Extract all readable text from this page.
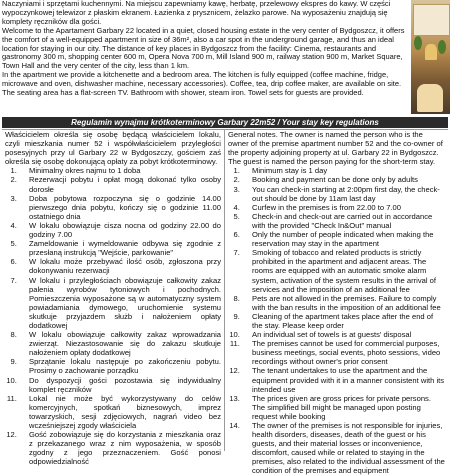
Naczyniami i sprzętami kuchennymi. Na miejscu zapewniamy kawę, herbatę, przelewowy ekspres do kawy. W części

wypoczynkowej telewizor z płaskim ekranem. Łazienka z prysznicem, żelazko parowe. Na wyposażeniu znajdują się

komplety ręczników dla gości.

Welcome to the Apartament Garbary 22 located in a quiet, closed housing estate in the very center of Bydgoszcz, it offers the comfort of a well-equipped apartment in size of 36m², also a car spot in the underground garage, and thus an ideal location for staying in our city. The distance of key places in Bydgoszcz from the facility: Cinema, restaurants and gastronomy 300 m, shopping center 600 m, Opera Nova 700 m, Mill Island 900 m, railway station 900 m, Market Square, Town Hall and the very center of the city, less than 1 km.

In the apartment we provide a kitchenette and a bedroom area. The kitchen is fully equipped (coffee machine, fridge, microwave and oven, dishwasher machine, necessary accessories). Coffee, tea, drip coffee maker, are available on site. The seating area has a flat-screen TV. Bathroom with shower, steam iron. Towel sets for guests are provided.

Regulamin wynajmu krótkoterminowy Garbary 22m52 / Your stay key regulations

Właścicielem określa się osobę będącą właścicielem lokalu, czyli mieszkania numer 52 i współwłaścicielem przyległości posesyjnych przy ul Garbary 22 w Bydgoszczy, gościem zaś określa się osobę dokonującą opłaty za pobyt krótkoterminowy.

1. Minimalny okres najmu to 1 doba
2. Rezerwacji pobytu i opłat mogą dokonać tylko osoby dorosłe
3. Doba pobytowa rozpoczyna się o godzinie 14.00 pierwszego dnia pobytu, kończy się o godzinie 11.00 ostatniego dnia
4. W lokalu obowiązuje cisza nocna od godziny 22.00 do godziny 7.00
5. Zameldowanie i wymeldowanie odbywa się zgodnie z przesłaną instrukcją "Wejście, parkowanie"
6. W lokalu może przebywać ilość osób, zgłoszona przy dokonywaniu rezerwacji
7. W lokalu i przyległościach obowiązuje całkowity zakaz palenia wyrobów tytoniowych i pochodnych. Pomieszczenia wyposażone są w automatyczny system powiadamiania dymowego, uruchomienie systemu skutkuje przyjazdem służb i nałożeniem opłaty dodatkowej
8. W lokalu obowiązuje całkowity zakaz wprowadzania zwierząt. Niezastosowanie się do zakazu skutkuje nałożeniem opłaty dodatkowej
9. Sprzątanie lokalu następuje po zakończeniu pobytu. Prosimy o zachowanie porządku
10. Do dyspozycji gości pozostawia się indywidualny komplet ręczników
11. Lokal nie może być wykorzystywany do celów komercyjnych, spotkań biznesowych, imprez towarzyskich, sesji zdjęciowych, nagrań video bez wcześniejszej zgody właściciela
12. Gość zobowiązuje się do korzystania z mieszkania oraz z przekazanego wraz z nim wyposażenia, w sposób zgodny z jego przeznaczeniem. Gość ponosi odpowiedzialność

General notes. The owner is named the person who is the owner of the premise apartment number 52 and the co-owner of the property adjoining property at ul. Garbary 22 in Bydgoszcz. The guest is named the person paying for the short-term stay.

1. Minimum stay is 1 day
2. Booking and payment can be done only by adults
3. You can check-in starting at 2:00pm first day, the check-out should be done by 11am last day
4. Curfew in the premises is from 22.00 to 7.00
5. Check-in and check-out are carried out in accordance with the provided "Check In&Out" manual
6. Only the number of people indicated when making the reservation may stay in the apartment
7. Smoking of tobacco and related products is strictly prohibited in the apartment and adjacent areas. The rooms are equipped with an automatic smoke alarm system, activation of the system results in the arrival of services and the imposition of an additional fee
8. Pets are not allowed in the premises. Failure to comply with the ban results in the imposition of an additional fee
9. Cleaning of the apartment takes place after the end of the stay. Please keep order
10. An individual set of towels is at guests' disposal
11. The premises cannot be used for commercial purposes, business meetings, social events, photo sessions, video recordings without owner's prior consent
12. The tenant undertakes to use the apartment and the equipment provided with it in a manner consistent with its intended use
13. The prices given are gross prices for private persons. The simplified bill might be managed upon posting request while booking
14. The owner of the premises is not responsible for injuries, health disorders, diseases, death of the guest or his guests, and their material losses or inconvenience, discomfort, caused while or related to staying in the premises, also related to the individual assessment of the condition of the premises and equipment
